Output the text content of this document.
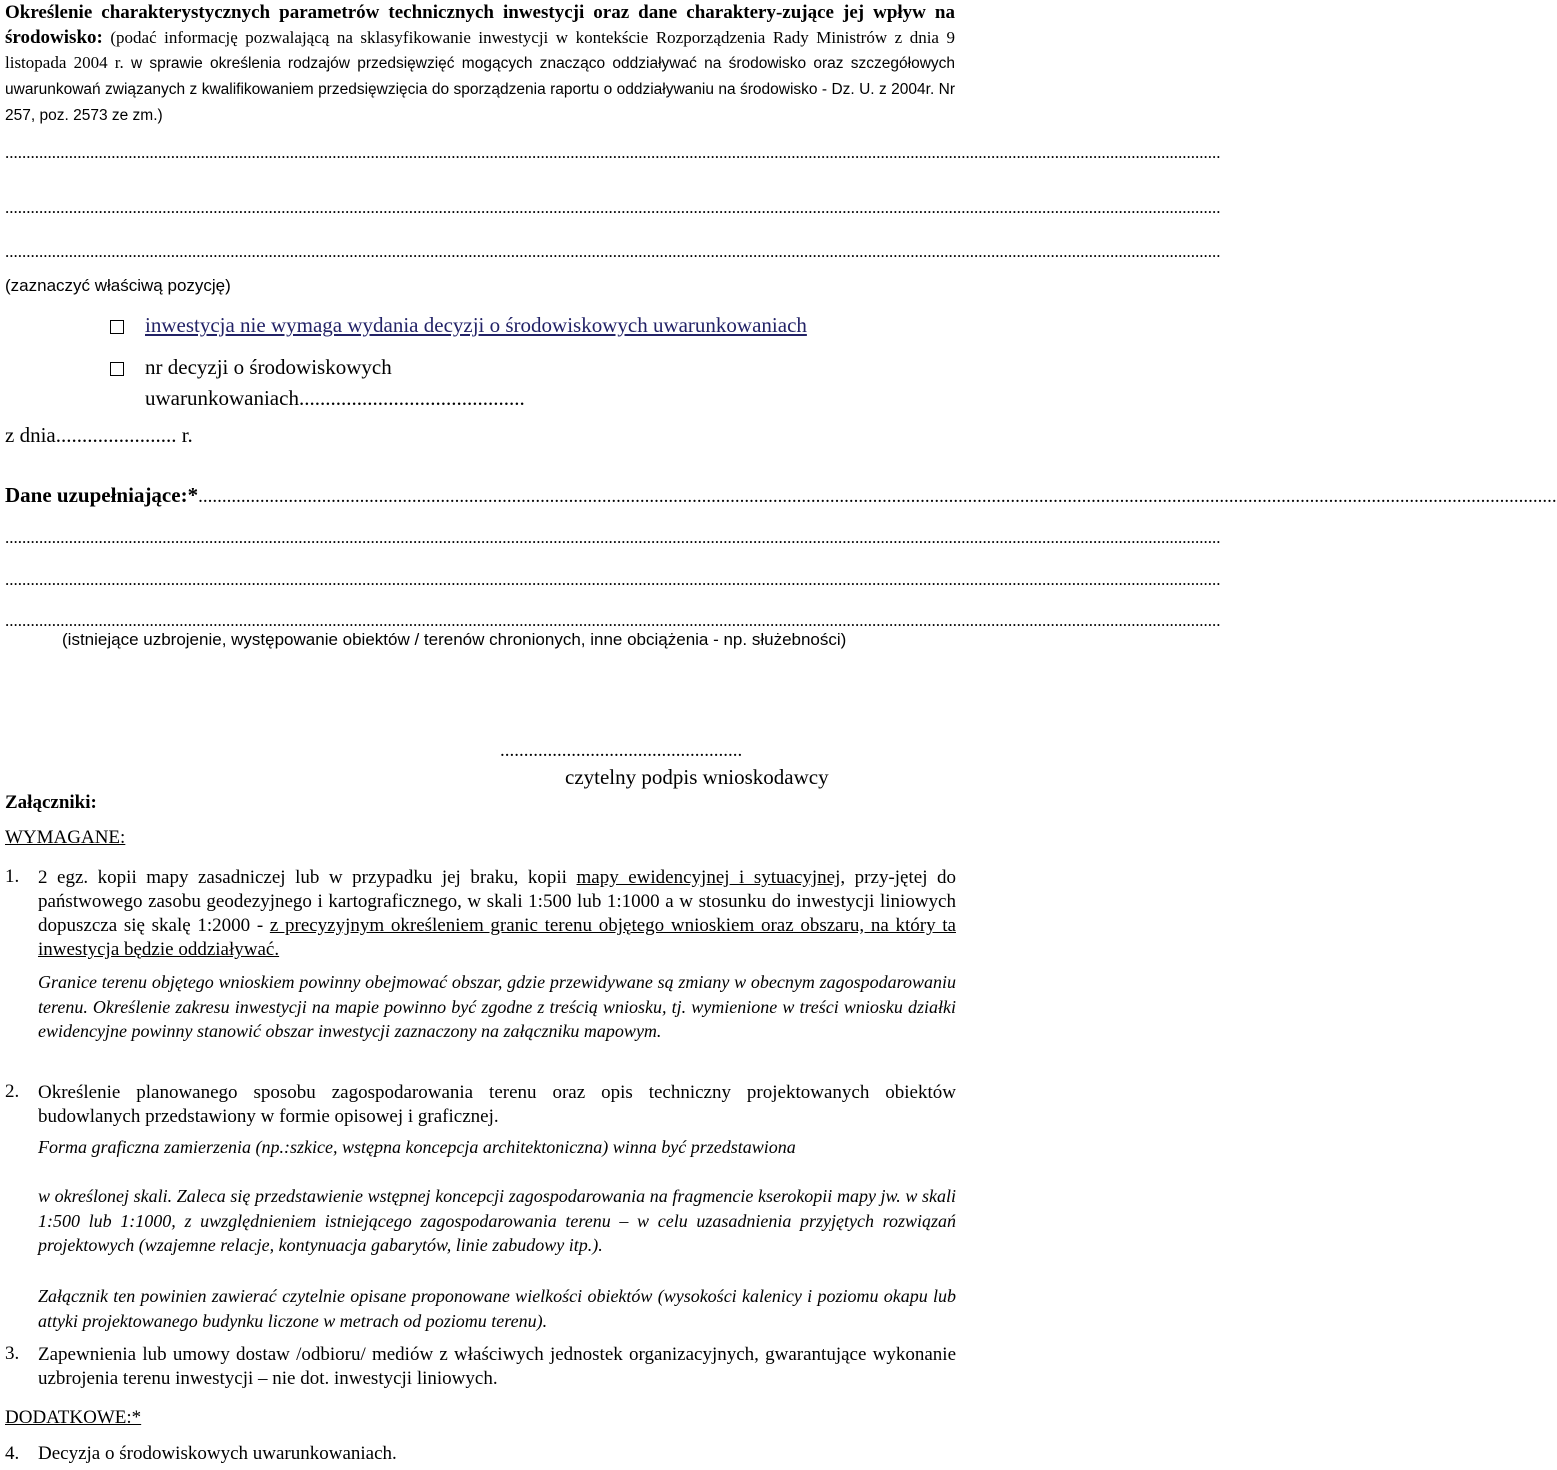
Określenie charakterystycznych parametrów technicznych inwestycji oraz dane charaktery-zujące jej wpływ na środowisko: (podać informację pozwalającą na sklasyfikowanie inwestycji w kontekście Rozporządzenia Rady Ministrów z dnia 9 listopada 2004 r. w sprawie określenia rodzajów przedsięwzięć mogących znacząco oddziaływać na środowisko oraz szczegółowych uwarunkowań związanych z kwalifikowaniem przedsięwzięcia do sporządzenia raportu o oddziaływaniu na środowisko - Dz. U. z 2004r. Nr 257, poz. 2573 ze zm.)
..............................................................................................................................................................................................................................................................................................
..............................................................................................................................................................................................................................................................................................
..............................................................................................................................................................................................................................................................................................
(zaznaczyć właściwą pozycję)
inwestycja nie wymaga wydania decyzji o środowiskowych uwarunkowaniach
nr decyzji o środowiskowych
uwarunkowaniach...........................................
z dnia....................... r.
Dane uzupełniające:*..............................................................................................................................................................................................................................................................................................
..............................................................................................................................................................................................................................................................................................
..............................................................................................................................................................................................................................................................................................
..............................................................................................................................................................................................................................................................................................
(istniejące uzbrojenie, występowanie obiektów / terenów chronionych, inne obciążenia - np. służebności)
...................................................
czytelny podpis wnioskodawcy
Załączniki:
WYMAGANE:
1. 2 egz. kopii mapy zasadniczej lub w przypadku jej braku, kopii mapy ewidencyjnej i sytuacyjnej, przy-jętej do państwowego zasobu geodezyjnego i kartograficznego, w skali 1:500 lub 1:1000 a w stosunku do inwestycji liniowych dopuszcza się skalę 1:2000 - z precyzyjnym określeniem granic terenu objętego wnioskiem oraz obszaru, na który ta inwestycja będzie oddziaływać.
Granice terenu objętego wnioskiem powinny obejmować obszar, gdzie przewidywane są zmiany w obecnym zagospodarowaniu terenu. Określenie zakresu inwestycji na mapie powinno być zgodne z treścią wniosku, tj. wymienione w treści wniosku działki ewidencyjne powinny stanowić obszar inwestycji zaznaczony na załączniku mapowym.
2. Określenie planowanego sposobu zagospodarowania terenu oraz opis techniczny projektowanych obiektów budowlanych przedstawiony w formie opisowej i graficznej.
Forma graficzna zamierzenia (np.:szkice, wstępna koncepcja architektoniczna) winna być przedstawiona
w określonej skali. Zaleca się przedstawienie wstępnej koncepcji zagospodarowania na fragmencie kserokopii mapy jw. w skali 1:500 lub 1:1000, z uwzględnieniem istniejącego zagospodarowania terenu – w celu uzasadnienia przyjętych rozwiązań projektowych (wzajemne relacje, kontynuacja gabarytów, linie zabudowy itp.).
Załącznik ten powinien zawierać czytelnie opisane proponowane wielkości obiektów (wysokości kalenicy i poziomu okapu lub attyki projektowanego budynku liczone w metrach od poziomu terenu).
3. Zapewnienia lub umowy dostaw /odbioru/ mediów z właściwych jednostek organizacyjnych, gwarantujące wykonanie uzbrojenia terenu inwestycji – nie dot. inwestycji liniowych.
DODATKOWE:*
4. Decyzja o środowiskowych uwarunkowaniach.
